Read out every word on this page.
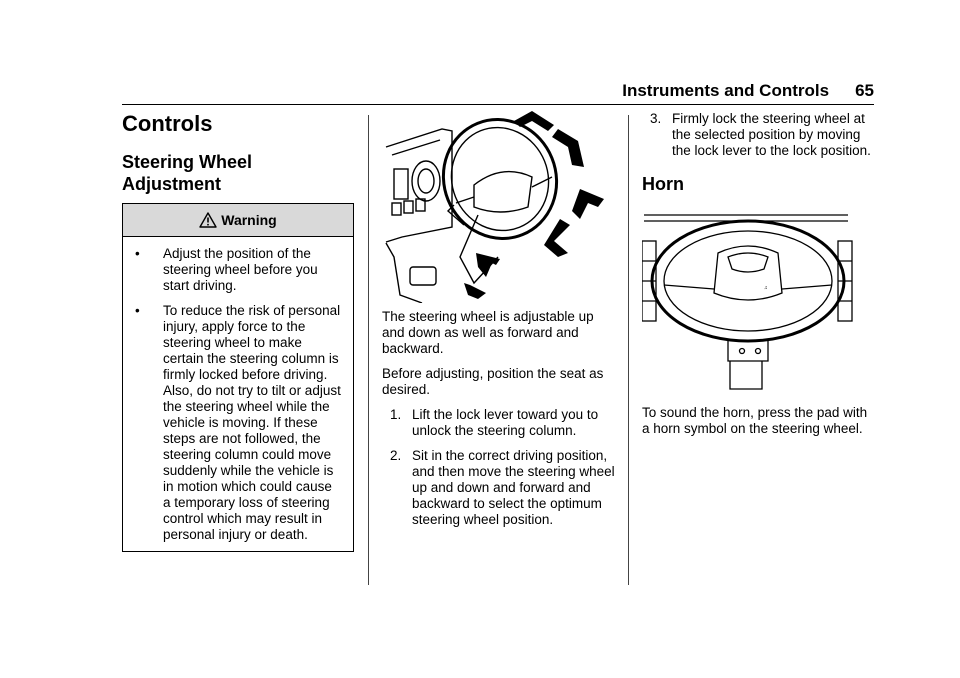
Instruments and Controls 65
Controls
Steering Wheel Adjustment
Warning
•	Adjust the position of the steering wheel before you start driving.
•	To reduce the risk of personal injury, apply force to the steering wheel to make certain the steering column is firmly locked before driving. Also, do not try to tilt or adjust the steering wheel while the vehicle is moving. If these steps are not followed, the steering column could move suddenly while the vehicle is in motion which could cause a temporary loss of steering control which may result in personal injury or death.

The steering wheel is adjustable up and down as well as forward and backward.

Before adjusting, position the seat as desired.

1. Lift the lock lever toward you to unlock the steering column.
2. Sit in the correct driving position, and then move the steering wheel up and down and forward and backward to select the optimum steering wheel position.
3. Firmly lock the steering wheel at the selected position by moving the lock lever to the lock position.
Horn
♫

To sound the horn, press the pad with a horn symbol on the steering wheel.
